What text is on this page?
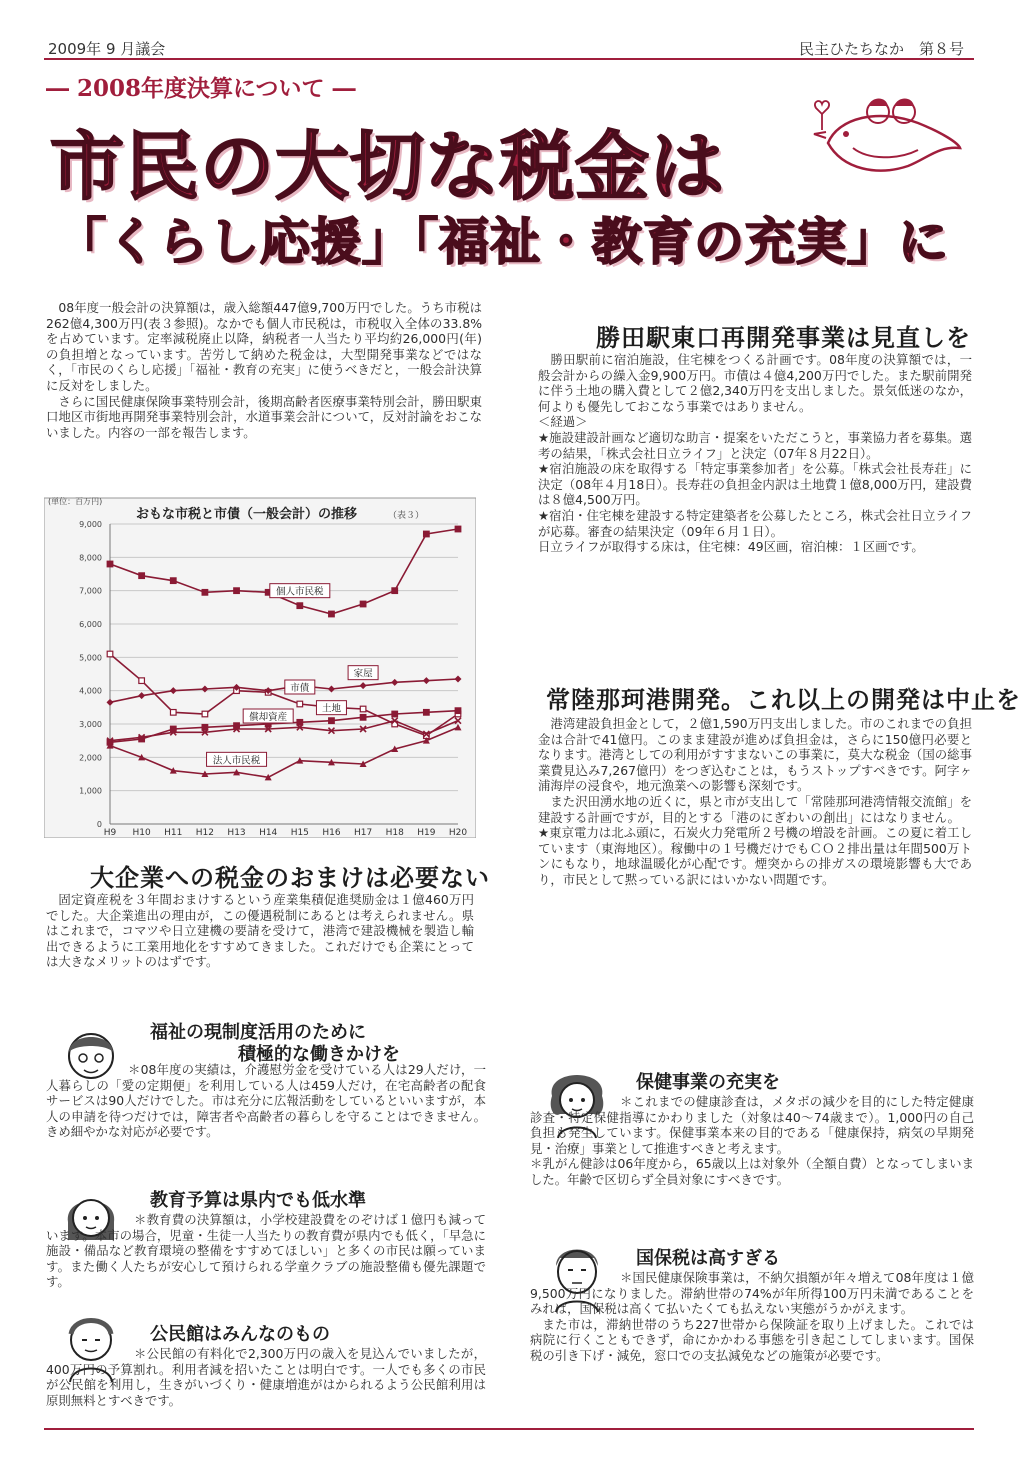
2009年 9 月議会	民主ひたちなか　第８号
― 2008年度決算について ―
市民の大切な税金は
「くらし応援」「福祉・教育の充実」に

08年度一般会計の決算額は，歳入総額447億9,700万円でした。うち市税は262億4,300万円(表３参照)。なかでも個人市民税は，市税収入全体の33.8%を占めています。定率減税廃止以降，納税者一人当たり平均約26,000円(年)の負担増となっています。苦労して納めた税金は，大型開発事業などではなく，「市民のくらし応援」「福祉・教育の充実」に使うべきだと，一般会計決算に反対をしました。

さらに国民健康保険事業特別会計，後期高齢者医療事業特別会計，勝田駅東口地区市街地再開発事業特別会計，水道事業会計について，反対討論をおこないました。内容の一部を報告します。

(単位：百万円)
おもな市税と市債（一般会計）の推移	（表３）
0
1,000
2,000
3,000
4,000
5,000
6,000
7,000
8,000
9,000
H9 H10 H11 H12 H13 H14 H15 H16 H17 H18 H19 H20
個人市民税
市債
家屋
土地
償却資産
法人市民税
大企業への税金のおまけは必要ない

固定資産税を３年間おまけするという産業集積促進奨励金は１億460万円でした。大企業進出の理由が，この優遇税制にあるとは考えられません。県はこれまで，コマツや日立建機の要請を受けて，港湾で建設機械を製造し輸出できるように工業用地化をすすめてきました。これだけでも企業にとっては大きなメリットのはずです。

勝田駅東口再開発事業は見直しを

勝田駅前に宿泊施設，住宅棟をつくる計画です。08年度の決算額では，一般会計からの繰入金9,900万円。市債は４億4,200万円でした。また駅前開発に伴う土地の購入費として２億2,340万円を支出しました。景気低迷のなか，何よりも優先しておこなう事業ではありません。

＜経過＞

★施設建設計画など適切な助言・提案をいただこうと，事業協力者を募集。選考の結果，「株式会社日立ライフ」と決定（07年８月22日）。

★宿泊施設の床を取得する「特定事業参加者」を公募。「株式会社長寿荘」に決定（08年４月18日）。長寿荘の負担金内訳は土地費１億8,000万円，建設費は８億4,500万円。

★宿泊・住宅棟を建設する特定建築者を公募したところ，株式会社日立ライフが応募。審査の結果決定（09年６月１日）。

日立ライフが取得する床は，住宅棟：49区画，宿泊棟：１区画です。

常陸那珂港開発。これ以上の開発は中止を

港湾建設負担金として，２億1,590万円支出しました。市のこれまでの負担金は合計で41億円。このまま建設が進めば負担金は，さらに150億円必要となります。港湾としての利用がすすまないこの事業に，莫大な税金（国の総事業費見込み7,267億円）をつぎ込むことは，もうストップすべきです。阿字ヶ浦海岸の浸食や，地元漁業への影響も深刻です。

また沢田湧水地の近くに，県と市が支出して「常陸那珂港湾情報交流館」を建設する計画ですが，目的とする「港のにぎわいの創出」にはなりません。

★東京電力は北ふ頭に，石炭火力発電所２号機の増設を計画。この夏に着工しています（東海地区）。稼働中の１号機だけでもＣＯ２排出量は年間500万トンにもなり，地球温暖化が心配です。煙突からの排ガスの環境影響も大であり，市民として黙っている訳にはいかない問題です。

福祉の現制度活用のために
積極的な働きかけを

＊08年度の実績は，介護慰労金を受けている人は29人だけ，一人暮らしの「愛の定期便」を利用している人は459人だけ，在宅高齢者の配食サービスは90人だけでした。市は充分に広報活動をしているといいますが，本人の申請を待つだけでは，障害者や高齢者の暮らしを守ることはできません。きめ細やかな対応が必要です。

教育予算は県内でも低水準

＊教育費の決算額は，小学校建設費をのぞけば１億円も減っています。本市の場合，児童・生徒一人当たりの教育費が県内でも低く，「早急に施設・備品など教育環境の整備をすすめてほしい」と多くの市民は願っています。また働く人たちが安心して預けられる学童クラブの施設整備も優先課題です。

公民館はみんなのもの

＊公民館の有料化で2,300万円の歳入を見込んでいましたが，400万円の予算割れ。利用者減を招いたことは明白です。一人でも多くの市民が公民館を利用し，生きがいづくり・健康増進がはかられるよう公民館利用は原則無料とすべきです。

保健事業の充実を

＊これまでの健康診査は，メタボの減少を目的にした特定健康診査・特定保健指導にかわりました（対象は40〜74歳まで）。1,000円の自己負担も発生しています。保健事業本来の目的である「健康保持，病気の早期発見・治療」事業として推進すべきと考えます。

＊乳がん健診は06年度から，65歳以上は対象外（全額自費）となってしまいました。年齢で区切らず全員対象にすべきです。

国保税は高すぎる

＊国民健康保険事業は，不納欠損額が年々増えて08年度は１億9,500万円になりました。滞納世帯の74%が年所得100万円未満であることをみれば，国保税は高くて払いたくても払えない実態がうかがえます。

また市は，滞納世帯のうち227世帯から保険証を取り上げました。これでは病院に行くこともできず，命にかかわる事態を引き起こしてしまいます。国保税の引き下げ・減免，窓口での支払減免などの施策が必要です。
